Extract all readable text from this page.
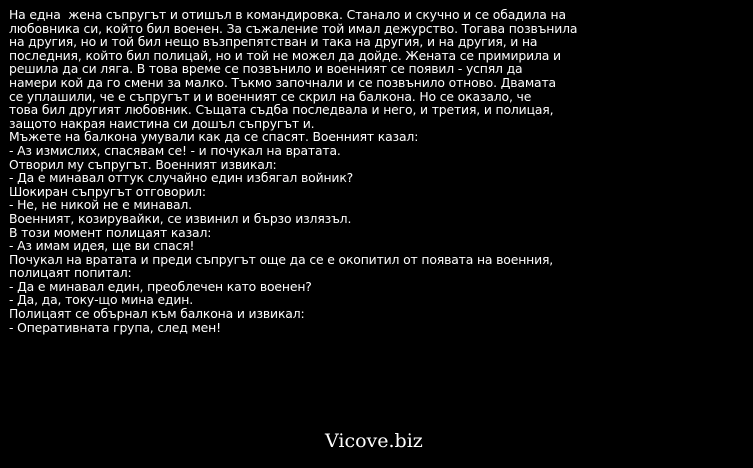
На една  жена съпругът и отишъл в командировка. Станало и скучно и се обадила на
любовника си, който бил военен. За съжаление той имал дежурство. Тогава позвънила
на другия, но и той бил нещо възпрепятстван и така на другия, и на другия, и на
последния, който бил полицай, но и той не можел да дойде. Жената се примирила и
решила да си лягa. В това време се позвънило и военният се появил - успял да
намери кой да го смени за малко. Тъкмо започнали и се позвънило отново. Двамата
се уплашили, че е съпругът и и военният се скрил на балкона. Но се оказало, че
това бил другият любовник. Същата съдба последвала и него, и третия, и полицая,
защото накрая наистина си дошъл съпругът и.
Мъжете на балкона умували как да се спасят. Военният казал:
- Аз измислих, спасявам се! - и почукал на вратата.
Отворил му съпругът. Военният извикал:
- Да е минавал оттук случайно един избягал войник?
Шокиран съпругът отговорил:
- Не, не никой не е минавал.
Военният, козирувайки, се извинил и бързо излязъл.
В този момент полицаят казал:
- Аз имам идея, ще ви спася!
Почукал на вратата и преди съпругът още да се е окопитил от появата на военния,
полицаят попитал:
- Да е минавал един, преоблечен като военен?
- Да, да, току-що мина един.
Полицаят се обърнал към балкона и извикал:
- Оперативната група, след мен!
Vicove.biz
